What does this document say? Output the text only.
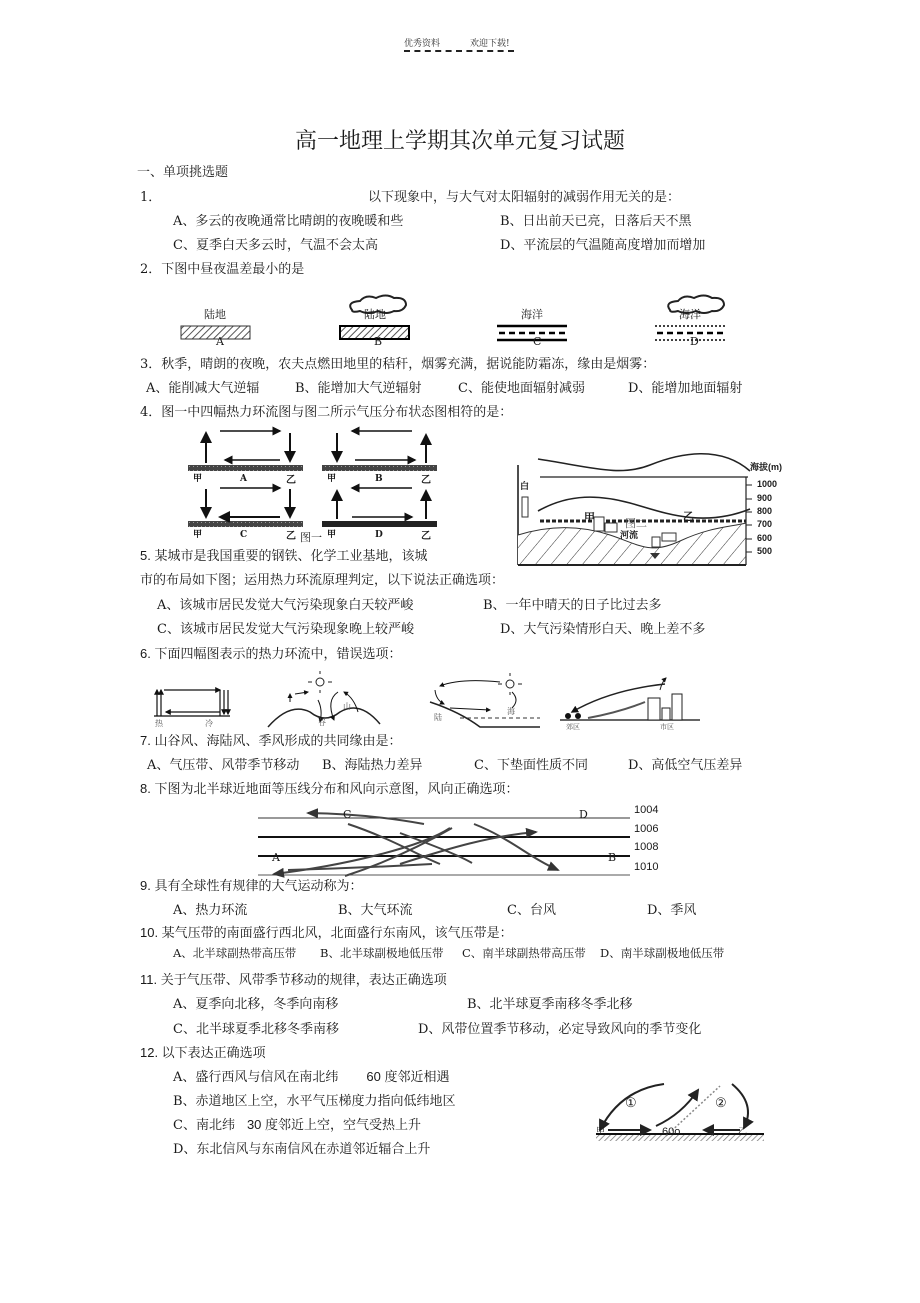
优秀资料	欢迎下载!
高一地理上学期其次单元复习试题
一、单项挑选题
1．	以下现象中，与大气对太阳辐射的减弱作用无关的是：
A、多云的夜晚通常比晴朗的夜晚暖和些	B、日出前天已亮，日落后天不黑
C、夏季白天多云时，气温不会太高	D、平流层的气温随高度增加而增加
2．下图中昼夜温差最小的是
陆地
A
陆地
B
海洋
C
海洋
D
3．秋季，晴朗的夜晚，农夫点燃田地里的秸秆，烟雾充满，据说能防霜冻，缘由是烟雾：
A、能削减大气逆辐	B、能增加大气逆辐射	C、能使地面辐射减弱	D、能增加地面辐射
4．图一中四幅热力环流图与图二所示气压分布状态图相符的是：
甲	A	乙	甲	B	乙
甲	C	乙 图一 甲	D	乙
海拔(m)
1000
900
800
700
600
500
白
甲	乙
河流
图二
5. 某城市是我国重要的钢铁、化学工业基地，该城
市的布局如下图；运用热力环流原理判定，以下说法正确选项：
A、该城市居民发觉大气污染现象白天较严峻	B、一年中晴天的日子比过去多
C、该城市居民发觉大气污染现象晚上较严峻	D、大气污染情形白天、晚上差不多
6. 下面四幅图表示的热力环流中，错误选项：
热	冷	谷
山
陆
海
郊区	市区
7. 山谷风、海陆风、季风形成的共同缘由是：
A、气压带、风带季节移动 B、海陆热力差异	C、下垫面性质不同	D、高低空气压差异
8. 下图为北半球近地面等压线分布和风向示意图，风向正确选项：
C	D
A	B
1004
1006
1008
1010
9. 具有全球性有规律的大气运动称为：
A、热力环流	B、大气环流	C、台风	D、季风
10. 某气压带的南面盛行西北风，北面盛行东南风，该气压带是：
A、北半球副热带高压带 B、北半球副极地低压带 C、南半球副热带高压带 D、南半球副极地低压带
11. 关于气压带、风带季节移动的规律，表达正确选项
A、夏季向北移，冬季向南移	B、北半球夏季南移冬季北移
C、北半球夏季北移冬季南移	D、风带位置季节移动，必定导致风向的季节变化
12. 以下表达正确选项
A、盛行西风与信风在南北纬 60 度邻近相遇
B、赤道地区上空，水平气压梯度力指向低纬地区
C、南北纬 30 度邻近上空，空气受热上升
D、东北信风与东南信风在赤道邻近辐合上升
①	②
甲	乙
60o
